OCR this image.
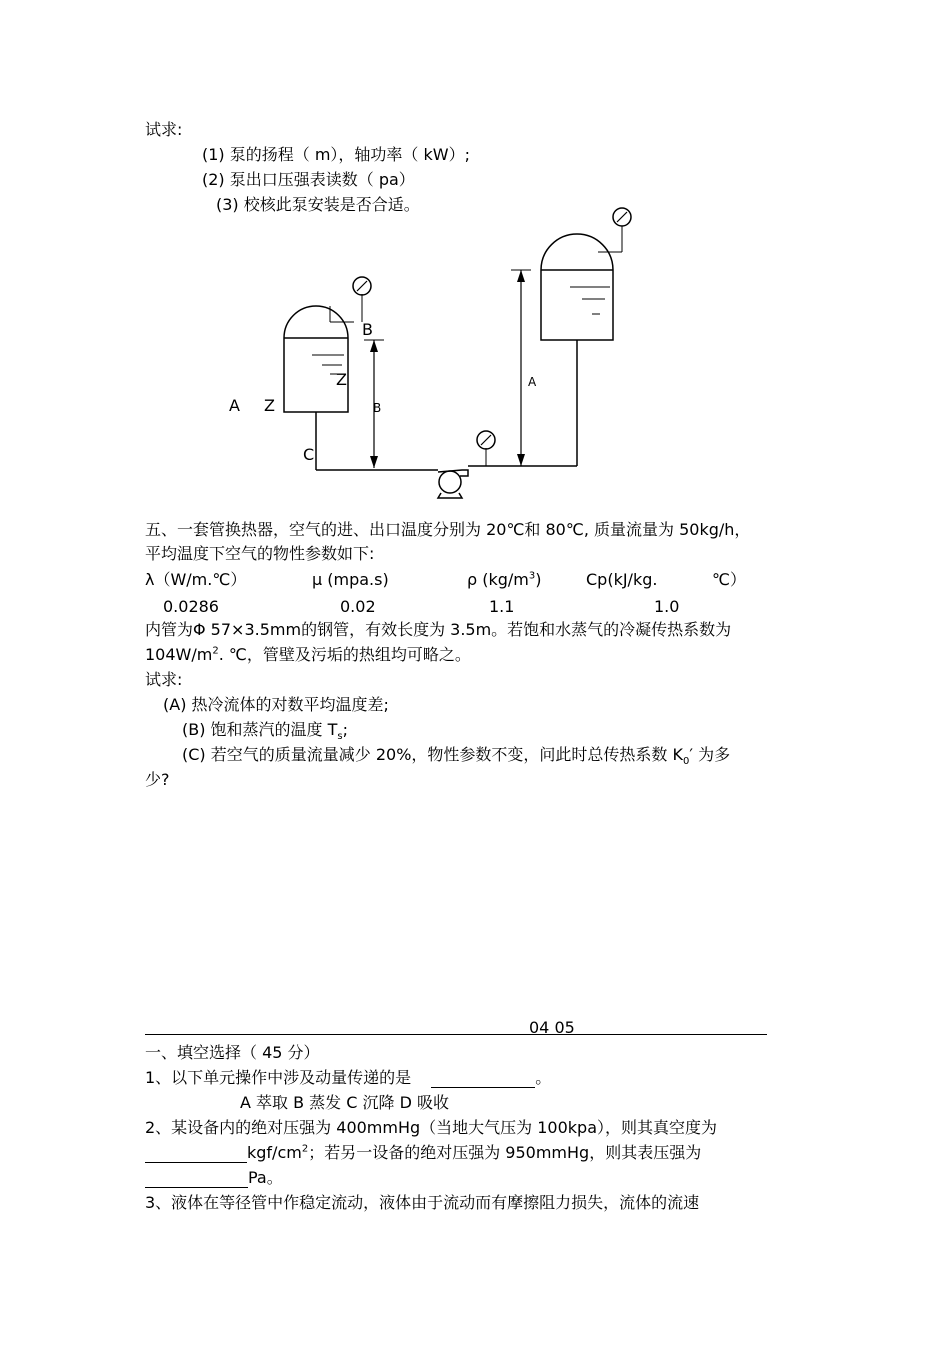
试求:
(1) 泵的扬程（ m），轴功率（ kW）;
(2) 泵出口压强表读数（ pa）
(3) 校核此泵安装是否合适。
B
Z
A Z	B
C
A
五、一套管换热器，空气的进、出口温度分别为 20℃和 80℃, 质量流量为 50kg/h，
平均温度下空气的物性参数如下:
λ（W/m.℃）	μ (mpa.s)	ρ $(kg/m^3)$	Cp(kJ/kg.	℃）
0.0286	0.02	1.1	1.0
内管为Φ 57×3.5mm的钢管，有效长度为 3.5m。若饱和水蒸气的冷凝传热系数为
$104W/m^2$. ℃，管壁及污垢的热组均可略之。
试求:
(A) 热冷流体的对数平均温度差;
(B) 饱和蒸汽的温度 $T_s$;
(C) 若空气的质量流量减少 20%，物性参数不变，问此时总传热系数 $K_0'$ 为多
少?
04 05
一、填空选择（ 45 分）
1、以下单元操作中涉及动量传递的是	。
A 萃取 B 蒸发 C 沉降 D 吸收
2、某设备内的绝对压强为 400mmHg（当地大气压为 100kpa），则其真空度为
kgf/$cm^2$；若另一设备的绝对压强为 950mmHg，则其表压强为
Pa。
3、液体在等径管中作稳定流动，液体由于流动而有摩擦阻力损失，流体的流速
